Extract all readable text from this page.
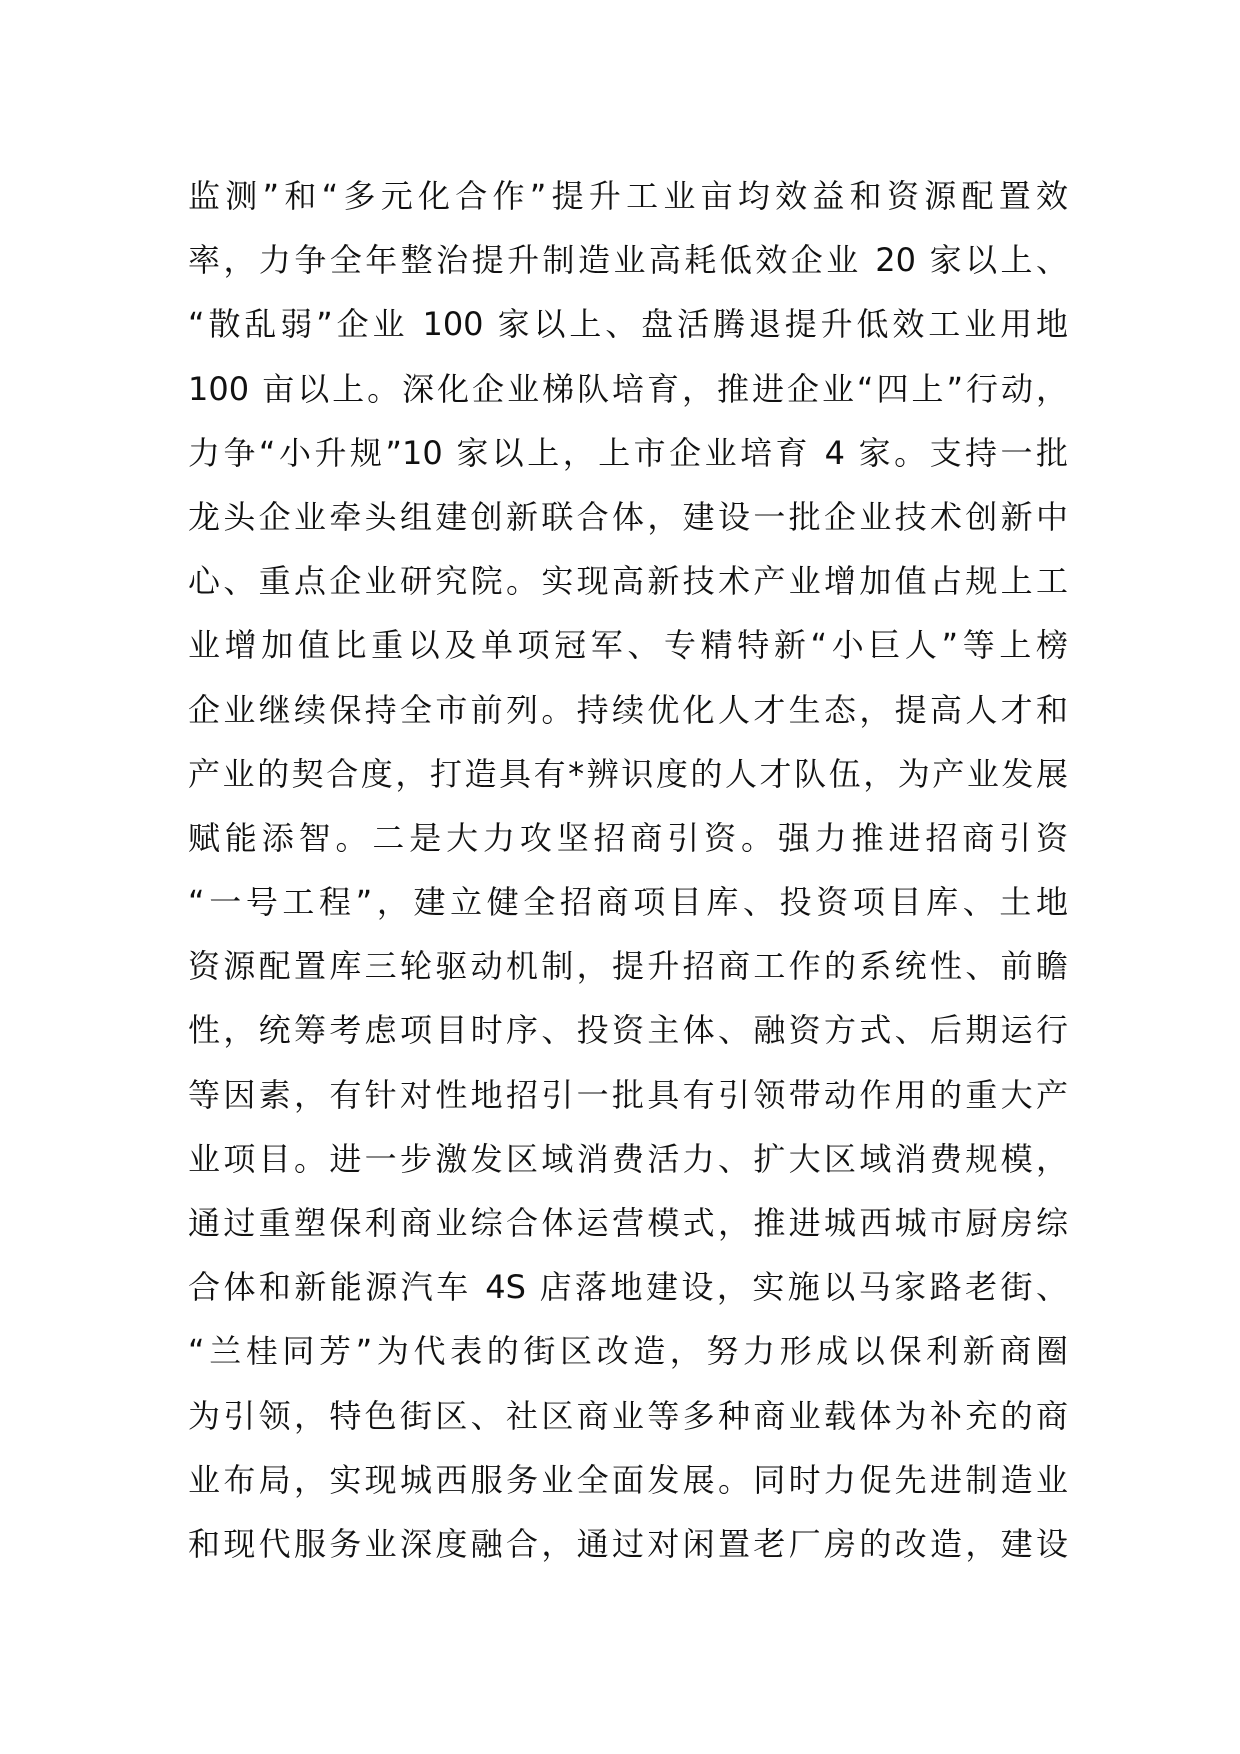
监测”和“多元化合作”提升工业亩均效益和资源配置效
率，力争全年整治提升制造业高耗低效企业 20 家以上、
“散乱弱”企业 100 家以上、盘活腾退提升低效工业用地
100 亩以上。深化企业梯队培育，推进企业“四上”行动，
力争“小升规”10 家以上，上市企业培育 4 家。支持一批
龙头企业牵头组建创新联合体，建设一批企业技术创新中
心、重点企业研究院。实现高新技术产业增加值占规上工
业增加值比重以及单项冠军、专精特新“小巨人”等上榜
企业继续保持全市前列。持续优化人才生态，提高人才和
产业的契合度，打造具有*辨识度的人才队伍，为产业发展
赋能添智。二是大力攻坚招商引资。强力推进招商引资
“一号工程”，建立健全招商项目库、投资项目库、土地
资源配置库三轮驱动机制，提升招商工作的系统性、前瞻
性，统筹考虑项目时序、投资主体、融资方式、后期运行
等因素，有针对性地招引一批具有引领带动作用的重大产
业项目。进一步激发区域消费活力、扩大区域消费规模，
通过重塑保利商业综合体运营模式，推进城西城市厨房综
合体和新能源汽车 4S 店落地建设，实施以马家路老街、
“兰桂同芳”为代表的街区改造，努力形成以保利新商圈
为引领，特色街区、社区商业等多种商业载体为补充的商
业布局，实现城西服务业全面发展。同时力促先进制造业
和现代服务业深度融合，通过对闲置老厂房的改造，建设
